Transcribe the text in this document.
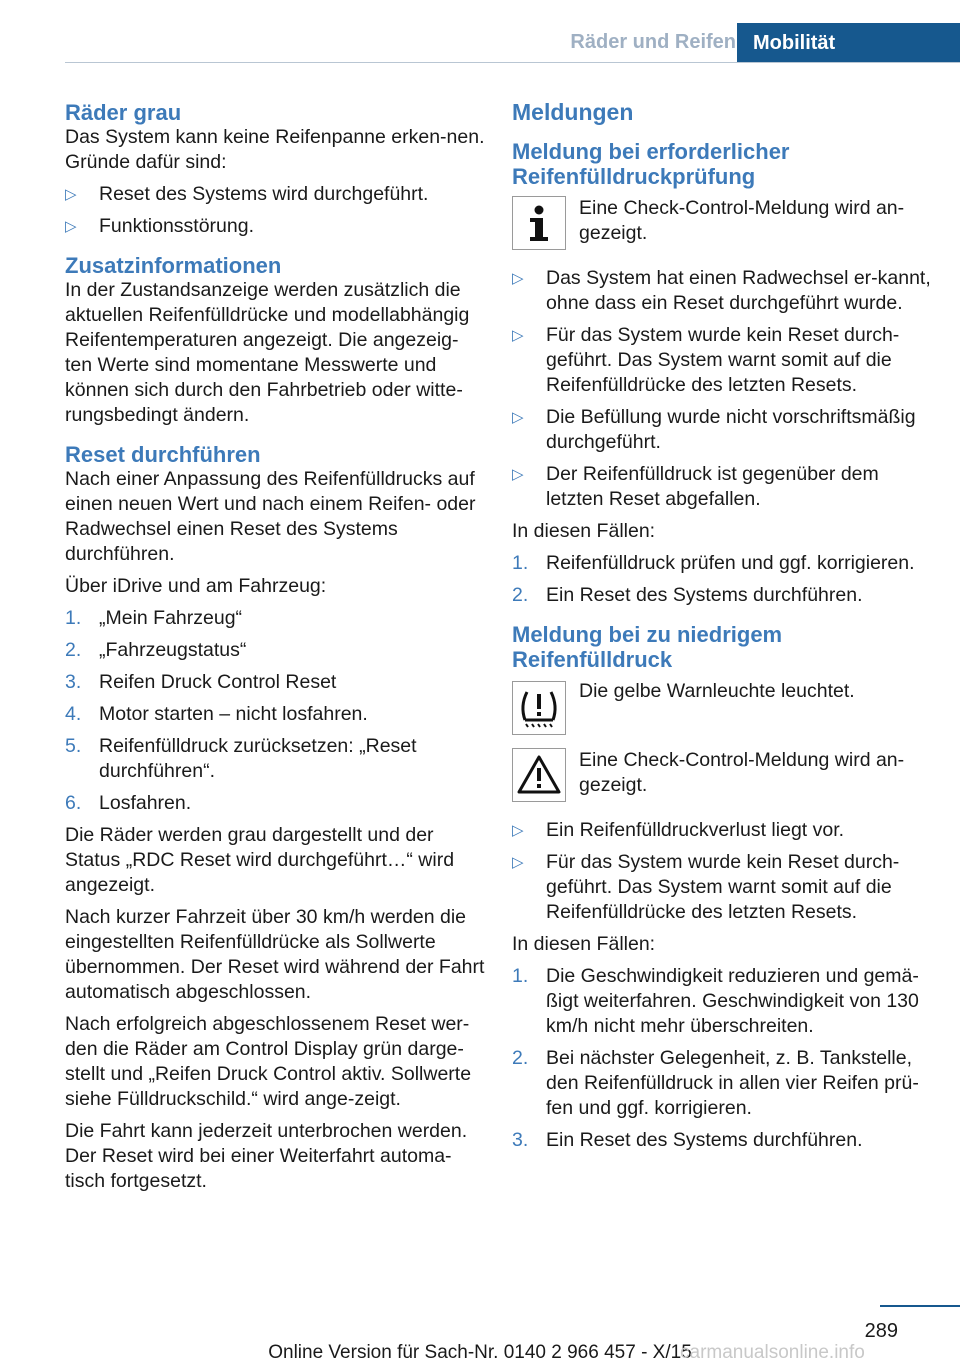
Räder und Reifen Mobilität
Räder grau

Das System kann keine Reifenpanne erken-nen. Gründe dafür sind:

▷ Reset des Systems wird durchgeführt.
▷ Funktionsstörung.
Zusatzinformationen

In der Zustandsanzeige werden zusätzlich die aktuellen Reifenfülldrücke und modellabhängig Reifentemperaturen angezeigt. Die angezeig-ten Werte sind momentane Messwerte und können sich durch den Fahrbetrieb oder witte-rungsbedingt ändern.

Reset durchführen

Nach einer Anpassung des Reifenfülldrucks auf einen neuen Wert und nach einem Reifen- oder Radwechsel einen Reset des Systems durchführen.

Über iDrive und am Fahrzeug:

1. „Mein Fahrzeug“
2. „Fahrzeugstatus“
3. Reifen Druck Control Reset
4. Motor starten – nicht losfahren.
5. Reifenfülldruck zurücksetzen: „Reset durchführen“.
6. Losfahren.

Die Räder werden grau dargestellt und der Status „RDC Reset wird durchgeführt…“ wird angezeigt.

Nach kurzer Fahrzeit über 30 km/h werden die eingestellten Reifenfülldrücke als Sollwerte übernommen. Der Reset wird während der Fahrt automatisch abgeschlossen.

Nach erfolgreich abgeschlossenem Reset wer-den die Räder am Control Display grün darge-stellt und „Reifen Druck Control aktiv. Sollwerte siehe Fülldruckschild.“ wird ange-zeigt.

Die Fahrt kann jederzeit unterbrochen werden. Der Reset wird bei einer Weiterfahrt automa-tisch fortgesetzt.

Meldungen
Meldung bei erforderlicher Reifenfülldruckprüfung

Eine Check-Control-Meldung wird an-gezeigt.

▷ Das System hat einen Radwechsel er-kannt, ohne dass ein Reset durchgeführt wurde.
▷ Für das System wurde kein Reset durch-geführt. Das System warnt somit auf die Reifenfülldrücke des letzten Resets.
▷ Die Befüllung wurde nicht vorschriftsmäßig durchgeführt.
▷ Der Reifenfülldruck ist gegenüber dem letzten Reset abgefallen.

In diesen Fällen:

1. Reifenfülldruck prüfen und ggf. korrigieren.
2. Ein Reset des Systems durchführen.
Meldung bei zu niedrigem Reifenfülldruck

Die gelbe Warnleuchte leuchtet.

Eine Check-Control-Meldung wird an-gezeigt.

▷ Ein Reifenfülldruckverlust liegt vor.
▷ Für das System wurde kein Reset durch-geführt. Das System warnt somit auf die Reifenfülldrücke des letzten Resets.

In diesen Fällen:

1. Die Geschwindigkeit reduzieren und gemä-ßigt weiterfahren. Geschwindigkeit von 130 km/h nicht mehr überschreiten.
2. Bei nächster Gelegenheit, z. B. Tankstelle, den Reifenfülldruck in allen vier Reifen prü-fen und ggf. korrigieren.
3. Ein Reset des Systems durchführen.
289
Online Version für Sach-Nr. 0140 2 966 457 - X/15
carmanualsonline.info
